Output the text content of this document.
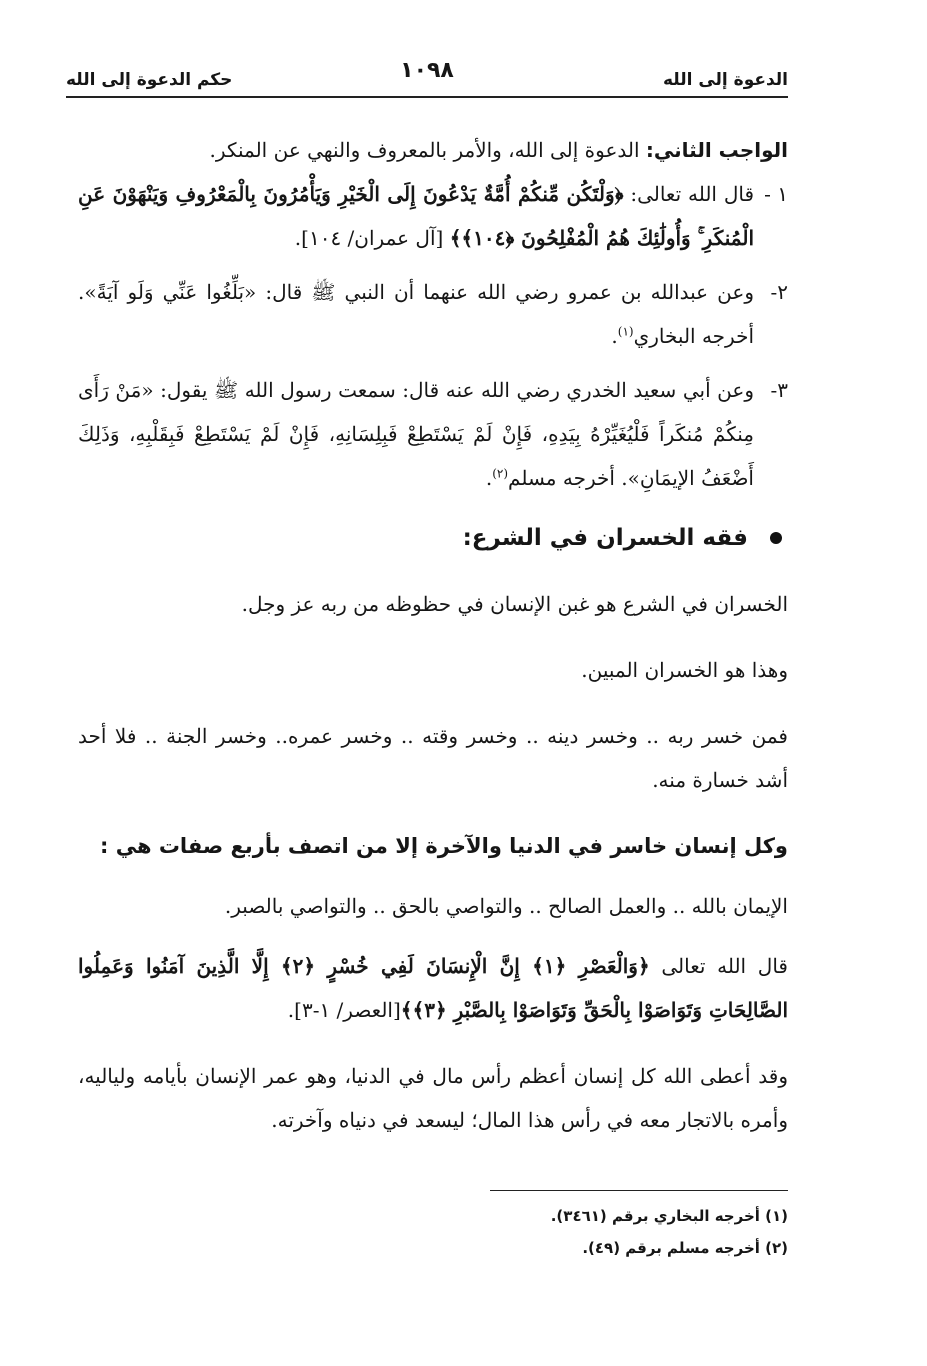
الدعوة إلى الله
١٠٩٨
حكم الدعوة إلى الله

الواجب الثاني: الدعوة إلى الله، والأمر بالمعروف والنهي عن المنكر.

١ -
قال الله تعالى: ﴿وَلْتَكُن مِّنكُمْ أُمَّةٌ يَدْعُونَ إِلَى الْخَيْرِ وَيَأْمُرُونَ بِالْمَعْرُوفِ وَيَنْهَوْنَ عَنِ الْمُنكَرِ ۚ وَأُولَٰئِكَ هُمُ الْمُفْلِحُونَ ﴿١٠٤﴾﴾ [آل عمران/ ١٠٤].
٢-
وعن عبدالله بن عمرو رضي الله عنهما أن النبي ﷺ قال: «بَلِّغُوا عَنِّي وَلَو آيَةً». أخرجه البخاري$^{(١)}$.
٣-
وعن أبي سعيد الخدري رضي الله عنه قال: سمعت رسول الله ﷺ يقول: «مَنْ رَأَى مِنكُمْ مُنكَراً فَلْيُغَيِّرْهُ بِيَدِهِ، فَإِنْ لَمْ يَسْتَطِعْ فَبِلِسَانِهِ، فَإِنْ لَمْ يَسْتَطِعْ فَبِقَلْبِهِ، وَذَلِكَ أَضْعَفُ الإيمَانِ». أخرجه مسلم$^{(٢)}$.
فقه الخسران في الشرع:

الخسران في الشرع هو غبن الإنسان في حظوظه من ربه عز وجل.

وهذا هو الخسران المبين.

فمن خسر ربه .. وخسر دينه .. وخسر وقته .. وخسر عمره.. وخسر الجنة .. فلا أحد أشد خسارة منه.

وكل إنسان خاسر في الدنيا والآخرة إلا من اتصف بأربع صفات هي :

الإيمان بالله .. والعمل الصالح .. والتواصي بالحق .. والتواصي بالصبر.

قال الله تعالى ﴿وَالْعَصْرِ ﴿١﴾ إِنَّ الْإِنسَانَ لَفِي خُسْرٍ ﴿٢﴾ إِلَّا الَّذِينَ آمَنُوا وَعَمِلُوا الصَّالِحَاتِ وَتَوَاصَوْا بِالْحَقِّ وَتَوَاصَوْا بِالصَّبْرِ ﴿٣﴾﴾[العصر/ ١-٣].

وقد أعطى الله كل إنسان أعظم رأس مال في الدنيا، وهو عمر الإنسان بأيامه ولياليه، وأمره بالاتجار معه في رأس هذا المال؛ ليسعد في دنياه وآخرته.

(١) أخرجه البخاري برقم (٣٤٦١).

(٢) أخرجه مسلم برقم (٤٩).
